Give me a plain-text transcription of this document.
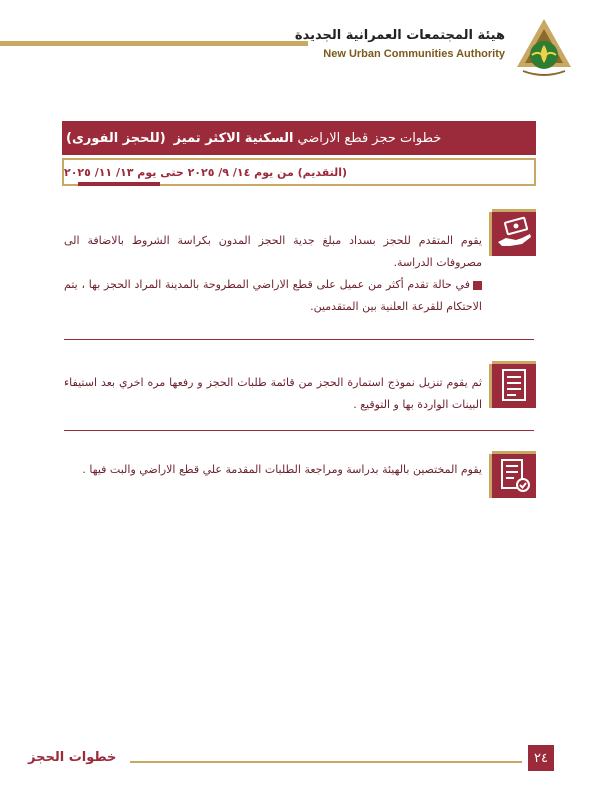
هيئة المجتمعات العمرانية الجديدة
New Urban Communities Authority
خطوات حجز قطع الاراضي
السكنية الاكثر تميز
(للحجز الفورى)
(التقديم) من يوم ١٤/ ٩/ ٢٠٢٥ حتى يوم ١٣/ ١١/ ٢٠٢٥
يقوم المتقدم للحجز بسداد مبلغ جدية الحجز المدون بكراسة الشروط بالاضافة الى مصروفات الدراسة.
في حالة تقدم أكثر من عميل على قطع الاراضي المطروحة بالمدينة المراد الحجز بها ، يتم الاحتكام للقرعة العلنية بين المتقدمين.
ثم يقوم تنزيل نموذج استمارة الحجز من قائمة طلبات الحجز و رفعها مره اخري بعد استيفاء البينات الواردة بها و التوقيع .
يقوم المختصين بالهيئة بدراسة ومراجعة الطلبات المقدمة علي قطع الاراضي والبت فيها .
خطوات الحجز	٢٤
